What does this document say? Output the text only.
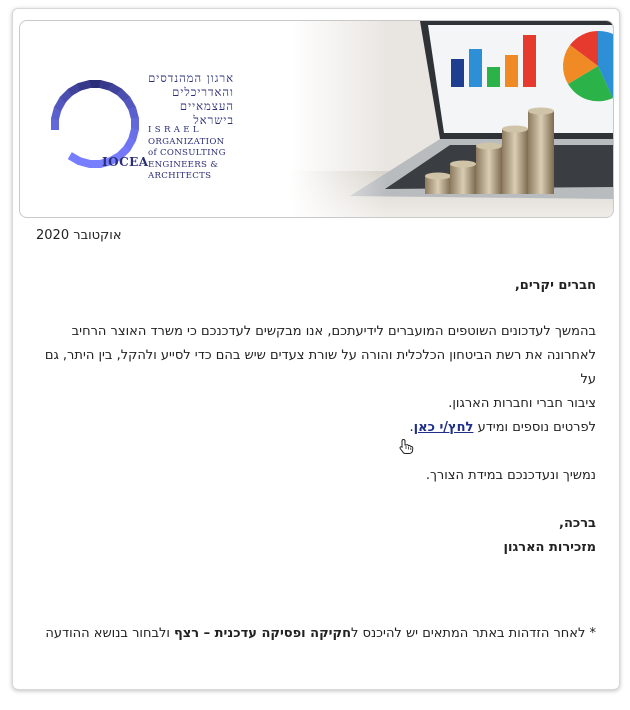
ארגון המהנדסים
והאדריכלים
העצמאיים
בישראל
I S R A E L
ORGANIZATION
of CONSULTING
ENGINEERS & ARCHITECTS
IOCEA
אוקטובר 2020
חברים יקרים,
בהמשך לעדכונים השוטפים המועברים לידיעתכם, אנו מבקשים לעדכנכם כי משרד האוצר הרחיב
לאחרונה את רשת הביטחון הכלכלית והורה על שורת צעדים שיש בהם כדי לסייע ולהקל, בין היתר, גם על
ציבור חברי וחברות הארגון.
לפרטים נוספים ומידע לחץ/י כאן.
נמשיך ונעדכנכם במידת הצורך.
ברכה,
מזכירות הארגון
* לאחר הזדהות באתר המתאים יש להיכנס לחקיקה ופסיקה עדכנית – רצף ולבחור בנושא ההודעה
